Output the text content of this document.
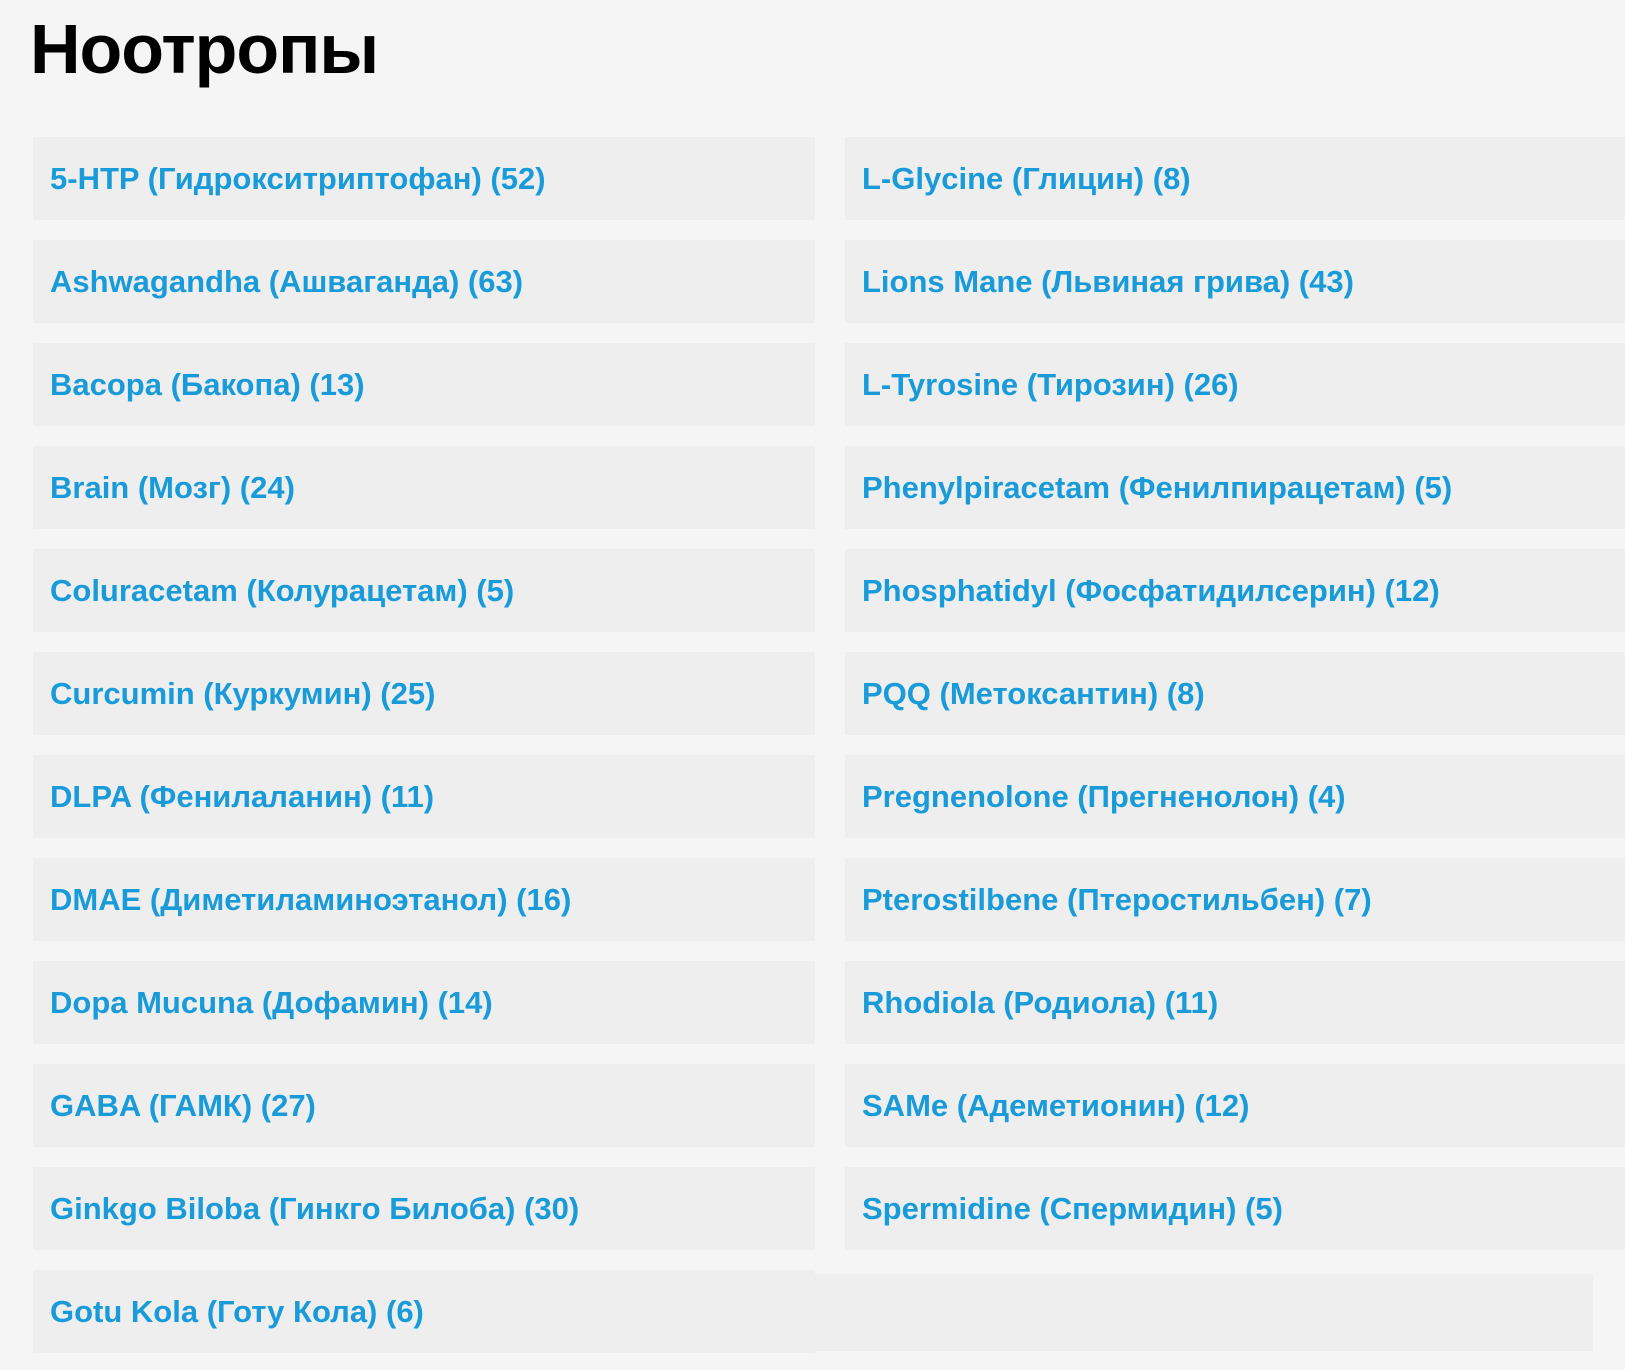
Ноотропы
5-HTP (Гидрокситриптофан) (52)
Ashwagandha (Ашваганда) (63)
Bacopa (Бакопа) (13)
Brain (Мозг) (24)
Coluracetam (Колурацетам) (5)
Curcumin (Куркумин) (25)
DLPA (Фенилаланин) (11)
DMAE (Диметиламиноэтанол) (16)
Dopa Mucuna (Дофамин) (14)
GABA (ГАМК) (27)
Ginkgo Biloba (Гинкго Билоба) (30)
Gotu Kola (Готу Кола) (6)
L-Glycine (Глицин) (8)
Lions Mane (Львиная грива) (43)
L-Tyrosine (Тирозин) (26)
Phenylpiracetam (Фенилпирацетам) (5)
Phosphatidyl (Фосфатидилсерин) (12)
PQQ (Метоксантин) (8)
Pregnenolone (Прегненолон) (4)
Pterostilbene (Птеростильбен) (7)
Rhodiola (Родиола) (11)
SAMe (Адеметионин) (12)
Spermidine (Спермидин) (5)
